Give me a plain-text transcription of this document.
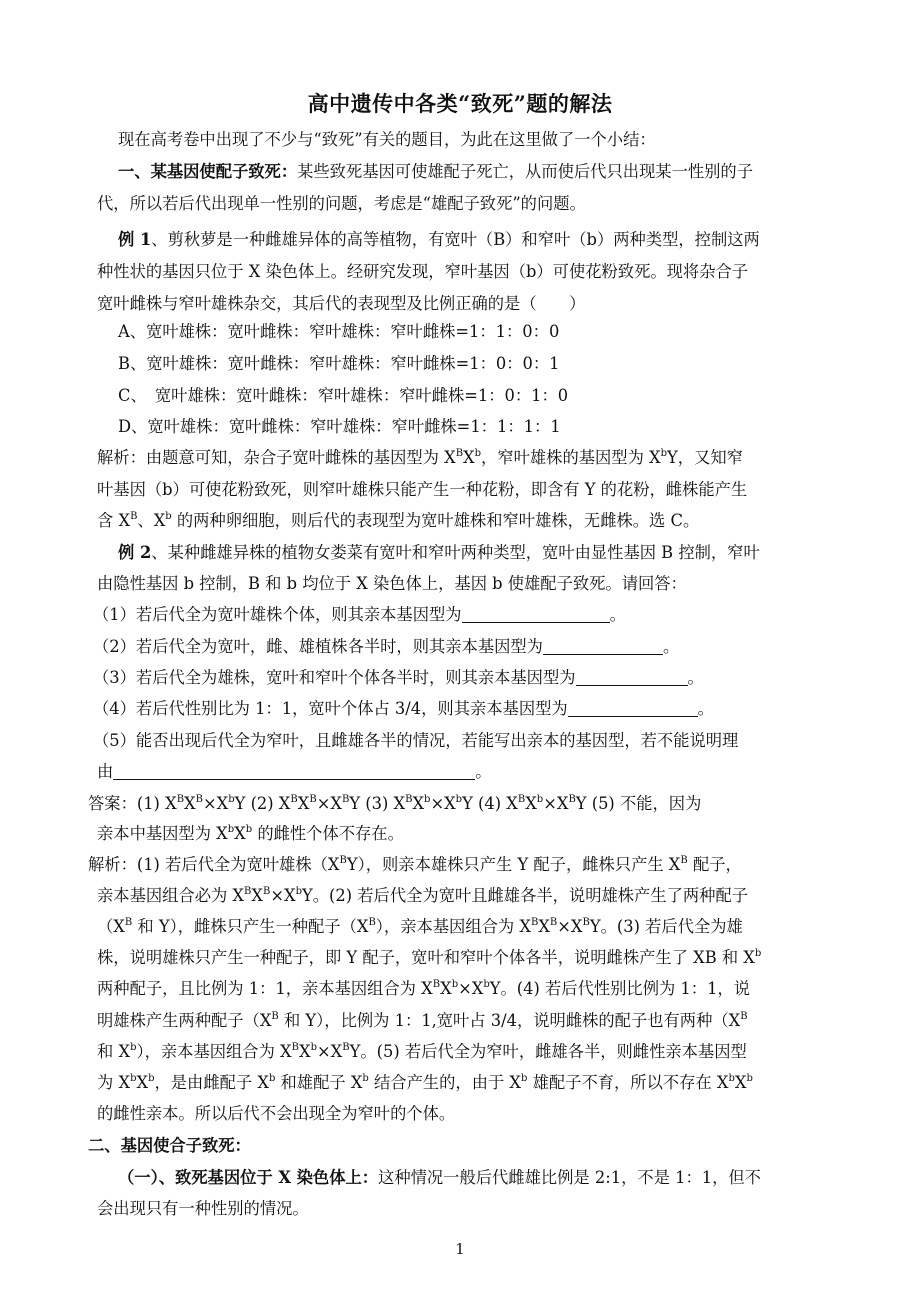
高中遗传中各类“致死”题的解法
现在高考卷中出现了不少与“致死”有关的题目，为此在这里做了一个小结：
一、某基因使配子致死：某些致死基因可使雄配子死亡，从而使后代只出现某一性别的子
代，所以若后代出现单一性别的问题，考虑是“雄配子致死”的问题。
例 1、剪秋萝是一种雌雄异体的高等植物，有宽叶（B）和窄叶（b）两种类型，控制这两
种性状的基因只位于 X 染色体上。经研究发现，窄叶基因（b）可使花粉致死。现将杂合子
宽叶雌株与窄叶雄株杂交，其后代的表现型及比例正确的是（　　）
A、宽叶雄株：宽叶雌株：窄叶雄株：窄叶雌株=1：1：0：0
B、宽叶雄株：宽叶雌株：窄叶雄株：窄叶雌株=1：0：0：1
C、　宽叶雄株：宽叶雌株：窄叶雄株：窄叶雌株=1：0：1：0
D、宽叶雄株：宽叶雌株：窄叶雄株：窄叶雌株=1：1：1：1
解析：由题意可知，杂合子宽叶雌株的基因型为 $X^BX^b$，窄叶雄株的基因型为 $X^bY$，又知窄
叶基因（b）可使花粉致死，则窄叶雄株只能产生一种花粉，即含有 Y 的花粉，雌株能产生
含 $X^B$、$X^b$ 的两种卵细胞，则后代的表现型为宽叶雄株和窄叶雄株，无雌株。选 C。
例 2、某种雌雄异株的植物女娄菜有宽叶和窄叶两种类型，宽叶由显性基因 B 控制，窄叶
由隐性基因 b 控制，B 和 b 均位于 X 染色体上，基因 b 使雄配子致死。请回答：
（1）若后代全为宽叶雄株个体，则其亲本基因型为	。
（2）若后代全为宽叶，雌、雄植株各半时，则其亲本基因型为	。
（3）若后代全为雄株，宽叶和窄叶个体各半时，则其亲本基因型为	。
（4）若后代性别比为 1：1，宽叶个体占 3/4，则其亲本基因型为	。
（5）能否出现后代全为窄叶，且雌雄各半的情况，若能写出亲本的基因型，若不能说明理
由	。
答案：(1) $X^BX^B\times X^bY$ (2) $X^BX^B\times X^BY$ (3) $X^BX^b\times X^bY$ (4) $X^BX^b\times X^BY$ (5) 不能，因为
亲本中基因型为 $X^bX^b$ 的雌性个体不存在。
解析：(1) 若后代全为宽叶雄株$(X^BY)$，则亲本雄株只产生 Y 配子，雌株只产生 $X^B$ 配子，
亲本基因组合必为 $X^BX^B\times X^bY$。(2) 若后代全为宽叶且雌雄各半，说明雄株产生了两种配子
（$X^B$ 和 Y），雌株只产生一种配子$(X^B)$，亲本基因组合为 $X^BX^B\times X^BY$。(3) 若后代全为雄
株，说明雄株只产生一种配子，即 Y 配子，宽叶和窄叶个体各半，说明雌株产生了 XB 和 $X^b$
两种配子，且比例为 1：1，亲本基因组合为 $X^BX^b\times X^bY$。(4) 若后代性别比例为 1：1，说
明雄株产生两种配子（$X^B$ 和 Y），比例为 1：1,宽叶占 3/4，说明雌株的配子也有两种（$X^B$
和 $X^b$），亲本基因组合为 $X^BX^b\times X^BY$。(5) 若后代全为窄叶，雌雄各半，则雌性亲本基因型
为 $X^bX^b$，是由雌配子 $X^b$ 和雄配子 $X^b$ 结合产生的，由于 $X^b$ 雄配子不育，所以不存在 $X^bX^b$
的雌性亲本。所以后代不会出现全为窄叶的个体。
二、基因使合子致死：
（一）、致死基因位于 X 染色体上：这种情况一般后代雌雄比例是 2:1，不是 1：1，但不
会出现只有一种性别的情况。
1
